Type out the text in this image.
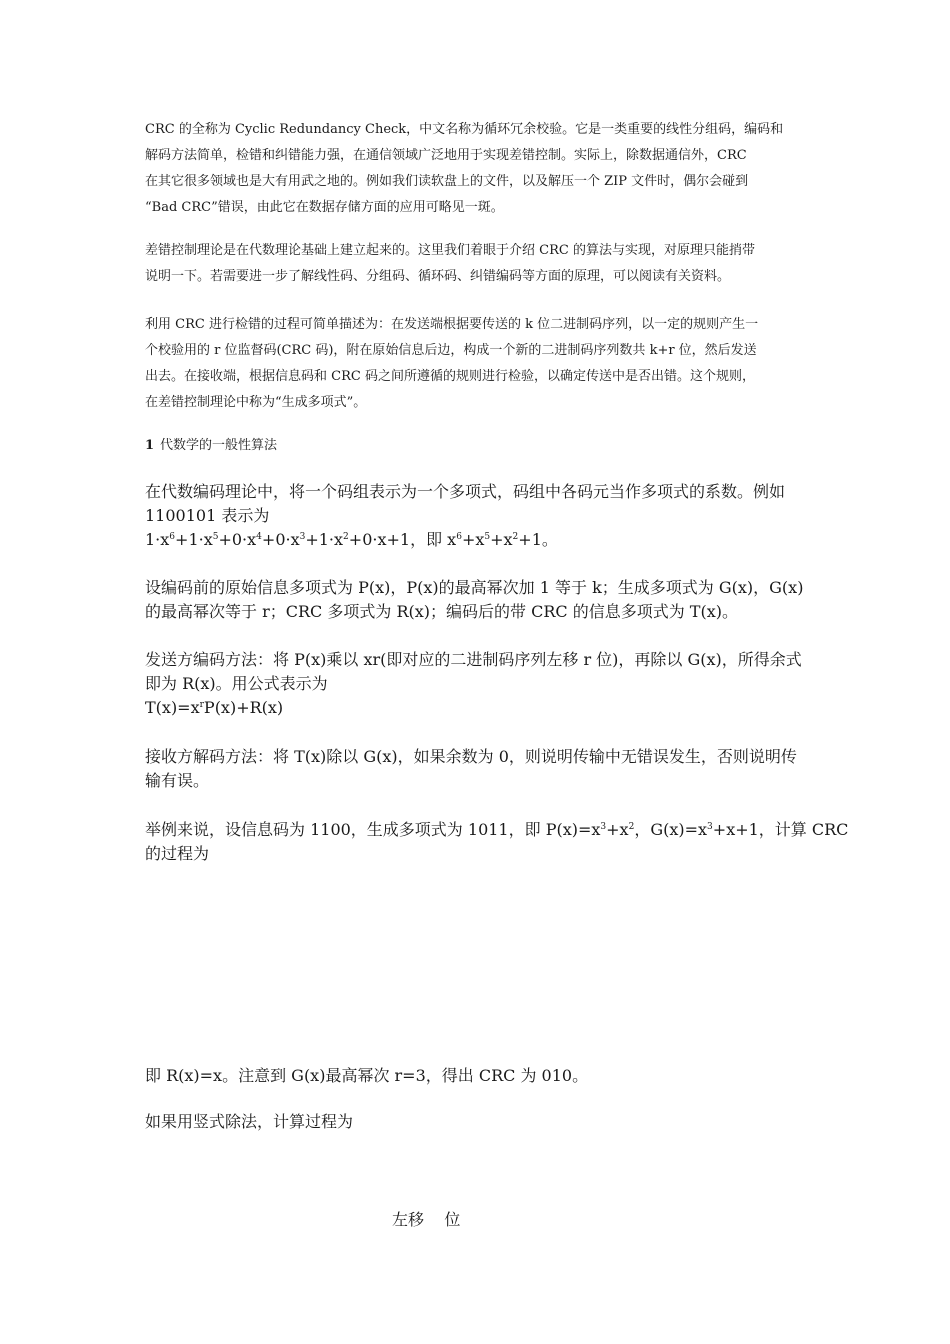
CRC 的全称为 Cyclic Redundancy Check，中文名称为循环冗余校验。它是一类重要的线性分组码，编码和
解码方法简单，检错和纠错能力强，在通信领域广泛地用于实现差错控制。实际上，除数据通信外，CRC
在其它很多领域也是大有用武之地的。例如我们读软盘上的文件，以及解压一个 ZIP 文件时，偶尔会碰到
“Bad CRC”错误，由此它在数据存储方面的应用可略见一斑。
差错控制理论是在代数理论基础上建立起来的。这里我们着眼于介绍 CRC 的算法与实现，对原理只能捎带
说明一下。若需要进一步了解线性码、分组码、循环码、纠错编码等方面的原理，可以阅读有关资料。
利用 CRC 进行检错的过程可简单描述为：在发送端根据要传送的 k 位二进制码序列，以一定的规则产生一
个校验用的 r 位监督码(CRC 码)，附在原始信息后边，构成一个新的二进制码序列数共 k+r 位，然后发送
出去。在接收端，根据信息码和 CRC 码之间所遵循的规则进行检验，以确定传送中是否出错。这个规则，
在差错控制理论中称为“生成多项式”。
1 代数学的一般性算法
在代数编码理论中，将一个码组表示为一个多项式，码组中各码元当作多项式的系数。例如
1100101 表示为
$1\cdot x^6+1\cdot x^5+0\cdot x^4+0\cdot x^3+1\cdot x^2+0\cdot x+1$，即 $x^6+x^5+x^2+1$。
设编码前的原始信息多项式为 P(x)，P(x)的最高幂次加 1 等于 k；生成多项式为 G(x)，G(x)
的最高幂次等于 r；CRC 多项式为 R(x)；编码后的带 CRC 的信息多项式为 T(x)。
发送方编码方法：将 P(x)乘以 xr(即对应的二进制码序列左移 r 位)，再除以 G(x)，所得余式
即为 R(x)。用公式表示为
$T(x)=x^rP(x)+R(x)$
接收方解码方法：将 T(x)除以 G(x)，如果余数为 0，则说明传输中无错误发生，否则说明传
输有误。
举例来说，设信息码为 1100，生成多项式为 1011，即 $P(x)=x^3+x^2$，$G(x)=x^3+x+1$，计算 CRC
的过程为
即 R(x)=x。注意到 G(x)最高幂次 r=3，得出 CRC 为 010。
如果用竖式除法，计算过程为
左移    位
